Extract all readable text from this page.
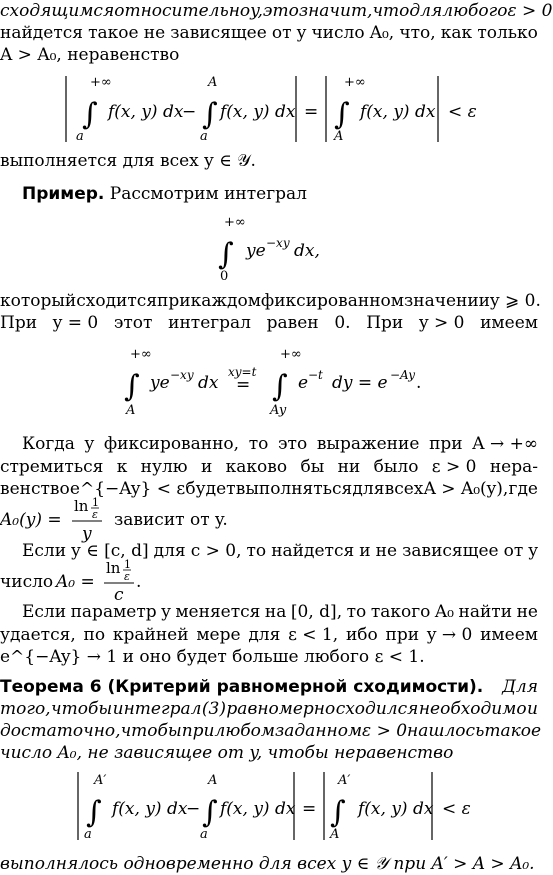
сходящимся относительно y, это значит, что для любого ε > 0
найдется такое не зависящее от y число A₀, что, как только
A > A₀, неравенство
+∞
∫
a
f(x, y) dx
−
A
∫
a
f(x, y) dx =
+∞
∫
A
f(x, y) dx < ε
выполняется для всех y ∈ 𝒴.
Пример. Рассмотрим интеграл
+∞
∫
0
ye −xy dx,
который сходится при каждом фиксированном значении y ⩾ 0.
При y = 0 этот интеграл равен 0. При y > 0 имеем
+∞
∫
A
ye −xy dx
xy=t
=
+∞
∫
Ay
e −t dy = e −Ay .
Когда y фиксированно, то это выражение при A → +∞
стремиться к нулю и каково бы ни было ε > 0 нера-
венство e^{−Ay} < ε будет выполняться для всех A > A₀(y), где
A₀(y) =
ln 1
ε
y
зависит от y.
Если y ∈ [c, d] для c > 0, то найдется и не зависящее от y
число A₀ =
ln 1
ε
c
.
Если параметр y меняется на [0, d], то такого A₀ найти не
удается, по крайней мере для ε < 1, ибо при y → 0 имеем
e^{−Ay} → 1 и оно будет больше любого ε < 1.
Теорема 6 (Критерий равномерной сходимости). Для
того, чтобы интеграл (3) равномерно сходился необходимо и
достаточно, чтобы при любом заданном ε > 0 нашлось такое
число A₀, не зависящее от y, чтобы неравенство
A′
∫
a
f(x, y) dx
−
A
∫
a
f(x, y) dx =
A′
∫
A
f(x, y) dx < ε
выполнялось одновременно для всех y ∈ 𝒴 при A′ > A > A₀.
